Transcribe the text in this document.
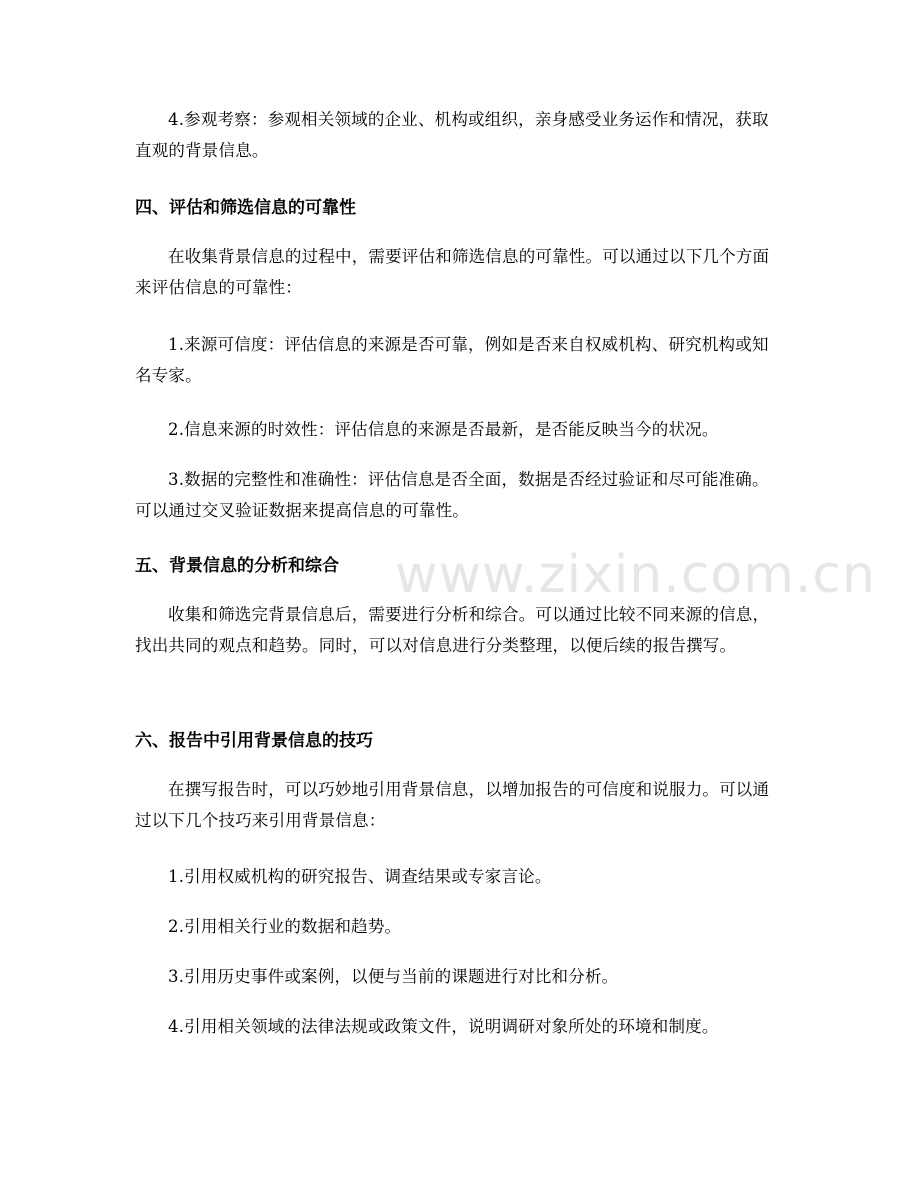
4.参观考察：参观相关领域的企业、机构或组织，亲身感受业务运作和情况，获取直观的背景信息。

四、评估和筛选信息的可靠性

在收集背景信息的过程中，需要评估和筛选信息的可靠性。可以通过以下几个方面来评估信息的可靠性：

1.来源可信度：评估信息的来源是否可靠，例如是否来自权威机构、研究机构或知名专家。

2.信息来源的时效性：评估信息的来源是否最新，是否能反映当今的状况。

3.数据的完整性和准确性：评估信息是否全面，数据是否经过验证和尽可能准确。可以通过交叉验证数据来提高信息的可靠性。

五、背景信息的分析和综合

收集和筛选完背景信息后，需要进行分析和综合。可以通过比较不同来源的信息，找出共同的观点和趋势。同时，可以对信息进行分类整理，以便后续的报告撰写。

六、报告中引用背景信息的技巧

在撰写报告时，可以巧妙地引用背景信息，以增加报告的可信度和说服力。可以通过以下几个技巧来引用背景信息：

1.引用权威机构的研究报告、调查结果或专家言论。

2.引用相关行业的数据和趋势。

3.引用历史事件或案例，以便与当前的课题进行对比和分析。

4.引用相关领域的法律法规或政策文件，说明调研对象所处的环境和制度。

www.zixin.com.cn
